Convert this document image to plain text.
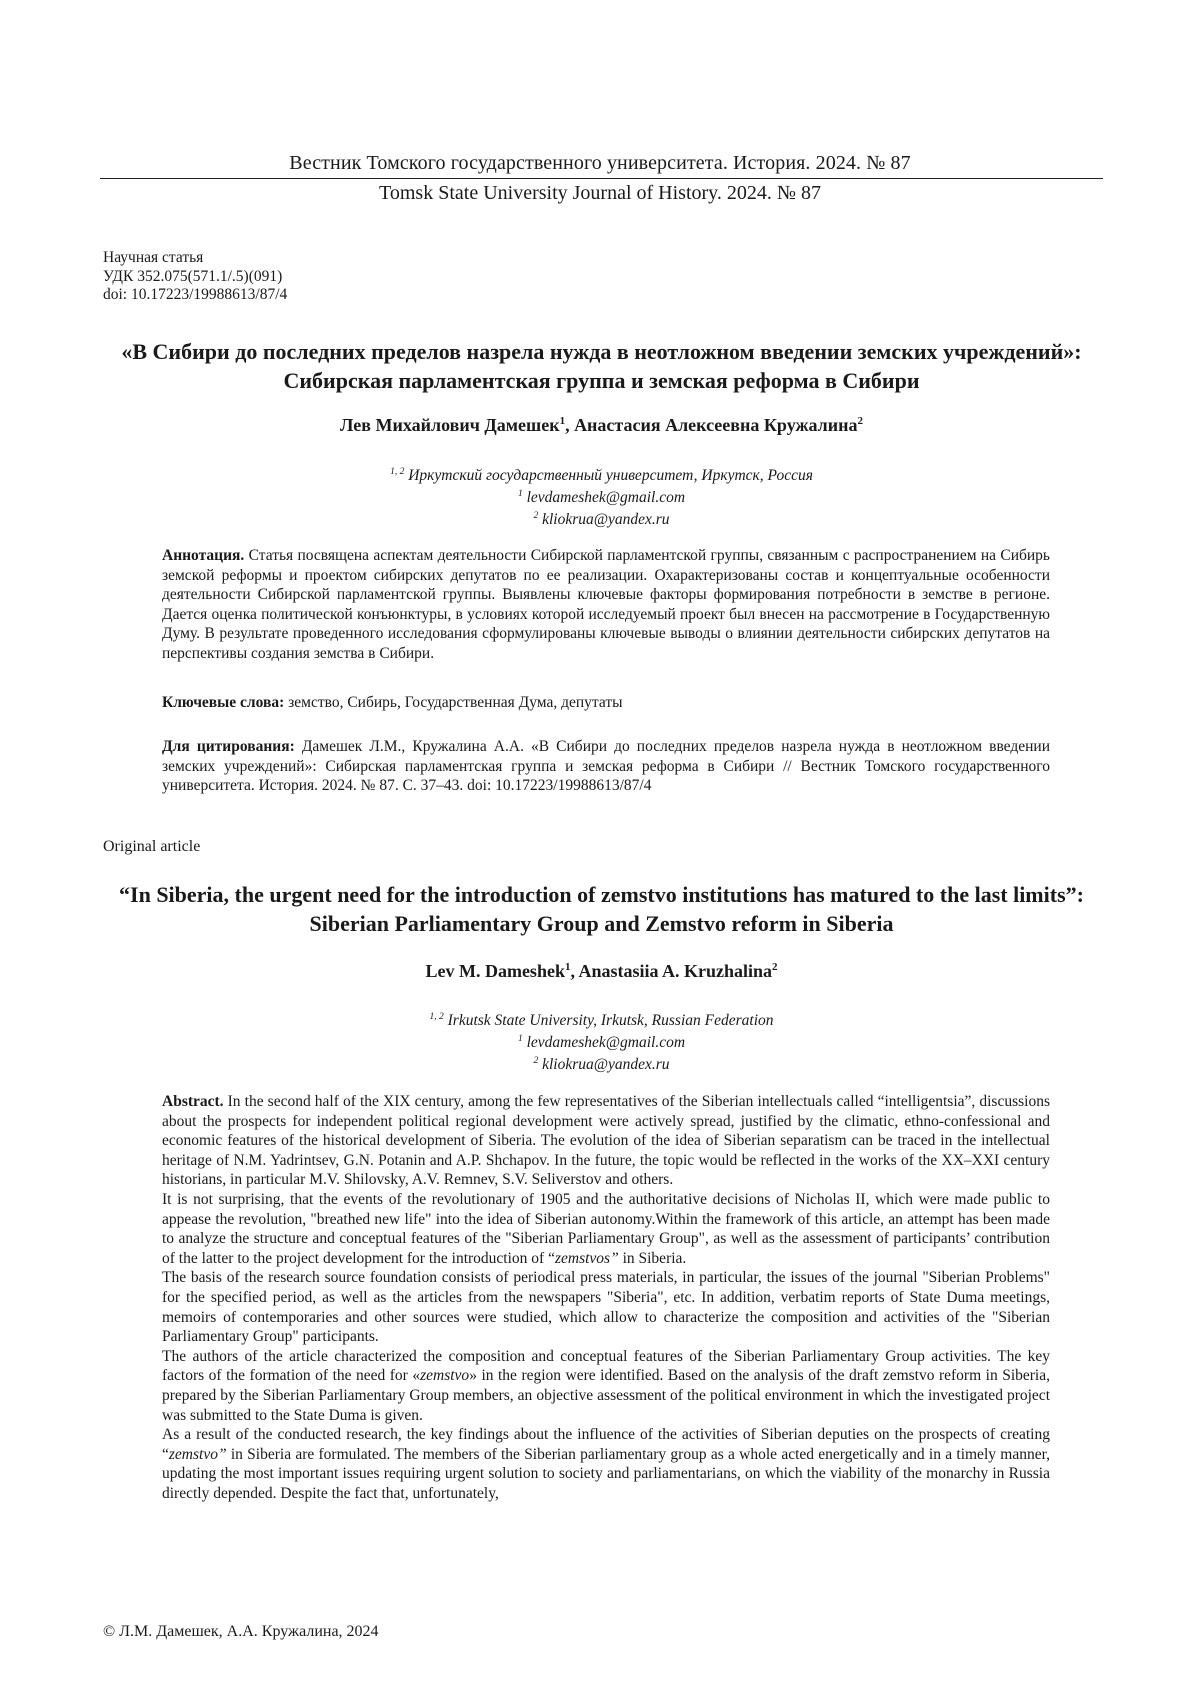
Вестник Томского государственного университета. История. 2024. № 87
Tomsk State University Journal of History. 2024. № 87
Научная статья
УДК 352.075(571.1/.5)(091)
doi: 10.17223/19988613/87/4
«В Сибири до последних пределов назрела нужда в неотложном введении земских учреждений»: Сибирская парламентская группа и земская реформа в Сибири
Лев Михайлович Дамешек$^1$, Анастасия Алексеевна Кружалина$^2$
$^{1, 2}$ Иркутский государственный университет, Иркутск, Россия
$^1$ levdameshek@gmail.com
$^2$ kliokrua@yandex.ru
Аннотация. Статья посвящена аспектам деятельности Сибирской парламентской группы, связанным с распространением на Сибирь земской реформы и проектом сибирских депутатов по ее реализации. Охарактеризованы состав и концептуальные особенности деятельности Сибирской парламентской группы. Выявлены ключевые факторы формирования потребности в земстве в регионе. Дается оценка политической конъюнктуры, в условиях которой исследуемый проект был внесен на рассмотрение в Государственную Думу. В результате проведенного исследования сформулированы ключевые выводы о влиянии деятельности сибирских депутатов на перспективы создания земства в Сибири.
Ключевые слова: земство, Сибирь, Государственная Дума, депутаты
Для цитирования: Дамешек Л.М., Кружалина А.А. «В Сибири до последних пределов назрела нужда в неотложном введении земских учреждений»: Сибирская парламентская группа и земская реформа в Сибири // Вестник Томского государственного университета. История. 2024. № 87. С. 37–43. doi: 10.17223/19988613/87/4
Original article
“In Siberia, the urgent need for the introduction of zemstvo institutions has matured to the last limits”: Siberian Parliamentary Group and Zemstvo reform in Siberia
Lev M. Dameshek$^1$, Anastasiia A. Kruzhalina$^2$
$^{1, 2}$ Irkutsk State University, Irkutsk, Russian Federation
$^1$ levdameshek@gmail.com
$^2$ kliokrua@yandex.ru

Abstract. In the second half of the XIX century, among the few representatives of the Siberian intellectuals called “intelligentsia”, discussions about the prospects for independent political regional development were actively spread, justified by the climatic, ethno-confessional and economic features of the historical development of Siberia. The evolution of the idea of Siberian separatism can be traced in the intellectual heritage of N.M. Yadrintsev, G.N. Potanin and A.P. Shchapov. In the future, the topic would be reflected in the works of the XX–XXI century historians, in particular M.V. Shilovsky, A.V. Remnev, S.V. Seliverstov and others.

It is not surprising, that the events of the revolutionary of 1905 and the authoritative decisions of Nicholas II, which were made public to appease the revolution, "breathed new life" into the idea of Siberian autonomy.Within the framework of this article, an attempt has been made to analyze the structure and conceptual features of the "Siberian Parliamentary Group", as well as the assessment of participants’ contribution of the latter to the project development for the introduction of “zemstvos” in Siberia.

The basis of the research source foundation consists of periodical press materials, in particular, the issues of the journal "Siberian Problems" for the specified period, as well as the articles from the newspapers "Siberia", etc. In addition, verbatim reports of State Duma meetings, memoirs of contemporaries and other sources were studied, which allow to characterize the composition and activities of the "Siberian Parliamentary Group" participants.

The authors of the article characterized the composition and conceptual features of the Siberian Parliamentary Group activities. The key factors of the formation of the need for «zemstvo» in the region were identified. Based on the analysis of the draft zemstvo reform in Siberia, prepared by the Siberian Parliamentary Group members, an objective assessment of the political environment in which the investigated project was submitted to the State Duma is given.

As a result of the conducted research, the key findings about the influence of the activities of Siberian deputies on the prospects of creating “zemstvo” in Siberia are formulated. The members of the Siberian parliamentary group as a whole acted energetically and in a timely manner, updating the most important issues requiring urgent solution to society and parliamentarians, on which the viability of the monarchy in Russia directly depended. Despite the fact that, unfortunately,

© Л.М. Дамешек, А.А. Кружалина, 2024
